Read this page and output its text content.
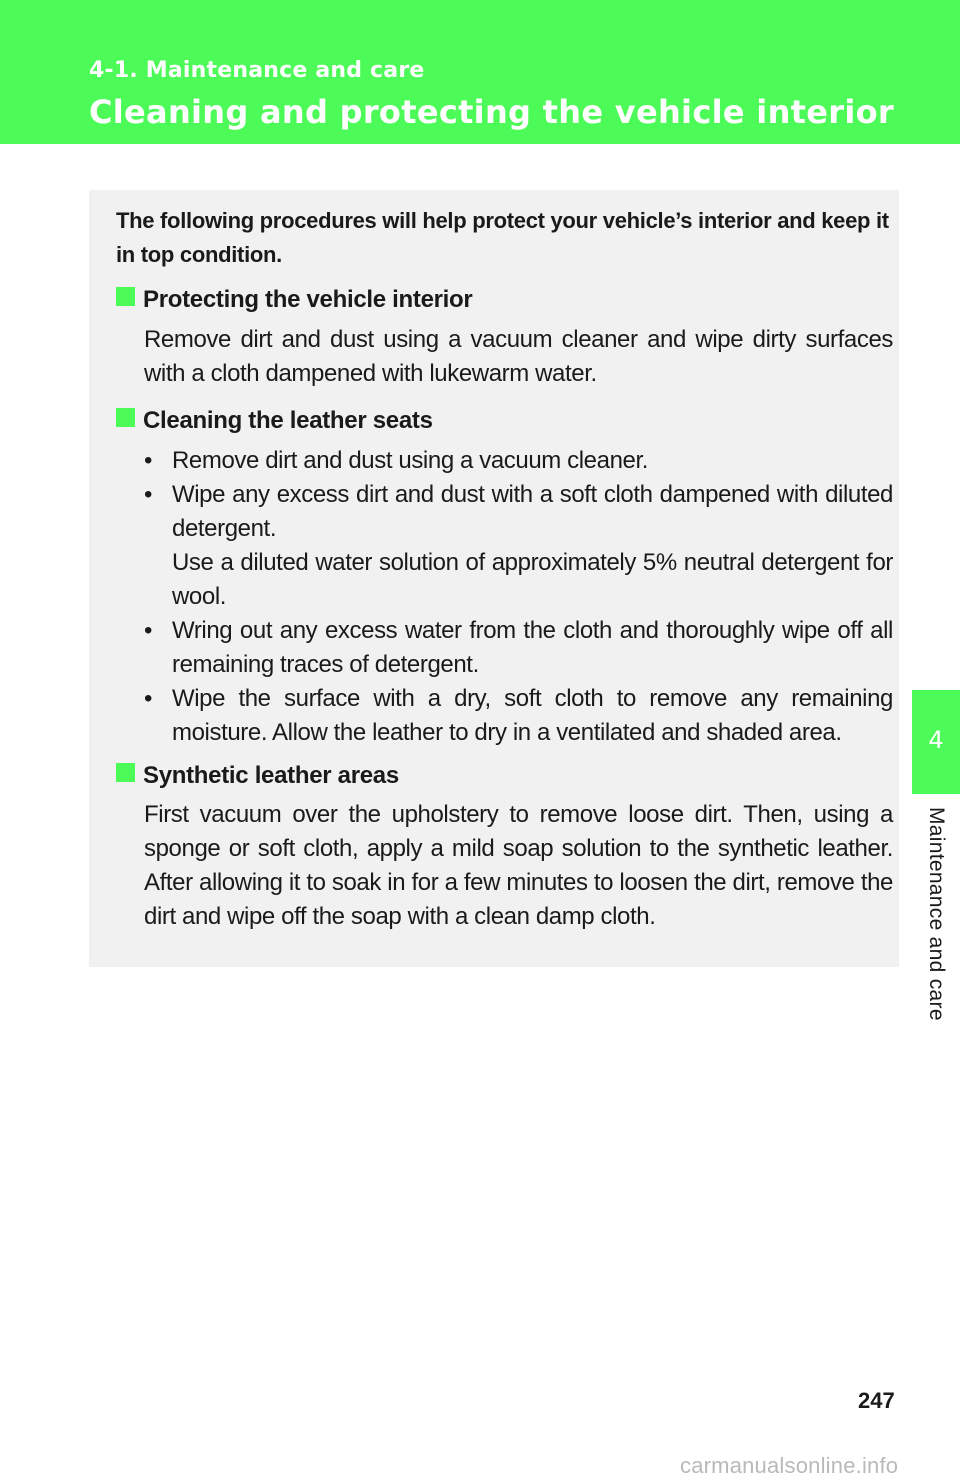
4-1. Maintenance and care
Cleaning and protecting the vehicle interior
The following procedures will help protect your vehicle’s interior and keep it in top condition.
Protecting the vehicle interior
Remove dirt and dust using a vacuum cleaner and wipe dirty surfaces with a cloth dampened with lukewarm water.
Cleaning the leather seats
• Remove dirt and dust using a vacuum cleaner.
• Wipe any excess dirt and dust with a soft cloth dampened with diluted detergent.
Use a diluted water solution of approximately 5% neutral detergent for wool.
• Wring out any excess water from the cloth and thoroughly wipe off all remaining traces of detergent.
• Wipe the surface with a dry, soft cloth to remove any remaining moisture. Allow the leather to dry in a ventilated and shaded area.
Synthetic leather areas
First vacuum over the upholstery to remove loose dirt. Then, using a sponge or soft cloth, apply a mild soap solution to the synthetic leather. After allowing it to soak in for a few minutes to loosen the dirt, remove the dirt and wipe off the soap with a clean damp cloth.
4
Maintenance and care
247
carmanualsonline.info
